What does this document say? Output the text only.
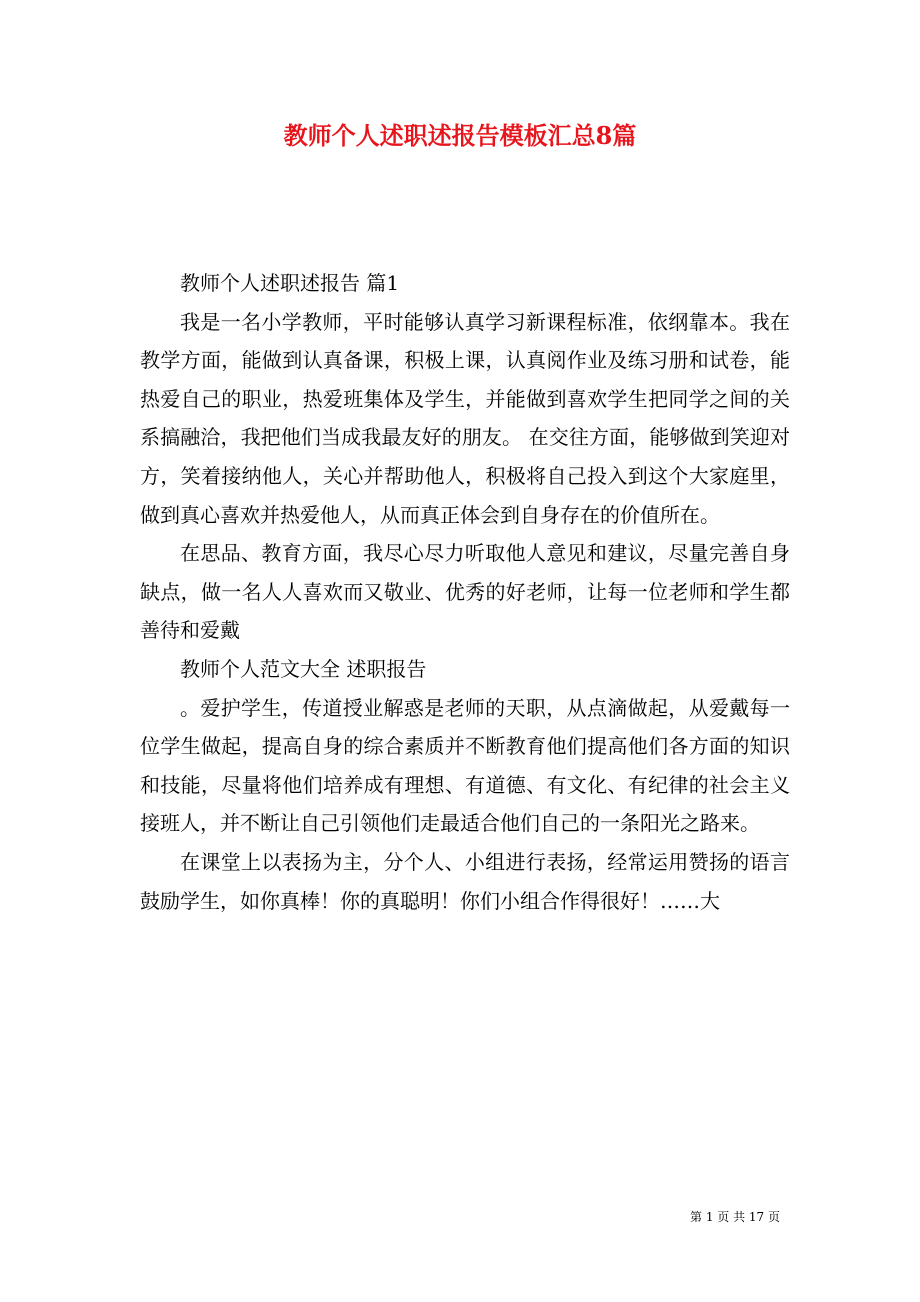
教师个人述职述报告模板汇总8篇

教师个人述职述报告 篇1

我是一名小学教师，平时能够认真学习新课程标准，依纲靠本。我在教学方面，能做到认真备课，积极上课，认真阅作业及练习册和试卷，能热爱自己的职业，热爱班集体及学生，并能做到喜欢学生把同学之间的关系搞融洽，我把他们当成我最友好的朋友。 在交往方面，能够做到笑迎对方，笑着接纳他人，关心并帮助他人，积极将自己投入到这个大家庭里，做到真心喜欢并热爱他人，从而真正体会到自身存在的价值所在。

在思品、教育方面，我尽心尽力听取他人意见和建议，尽量完善自身缺点，做一名人人喜欢而又敬业、优秀的好老师，让每一位老师和学生都善待和爱戴

教师个人范文大全 述职报告

。爱护学生，传道授业解惑是老师的天职，从点滴做起，从爱戴每一位学生做起，提高自身的综合素质并不断教育他们提高他们各方面的知识和技能，尽量将他们培养成有理想、有道德、有文化、有纪律的社会主义接班人，并不断让自己引领他们走最适合他们自己的一条阳光之路来。

在课堂上以表扬为主，分个人、小组进行表扬，经常运用赞扬的语言鼓励学生，如你真棒！你的真聪明！你们小组合作得很好！……大

第 1 页 共 17 页
